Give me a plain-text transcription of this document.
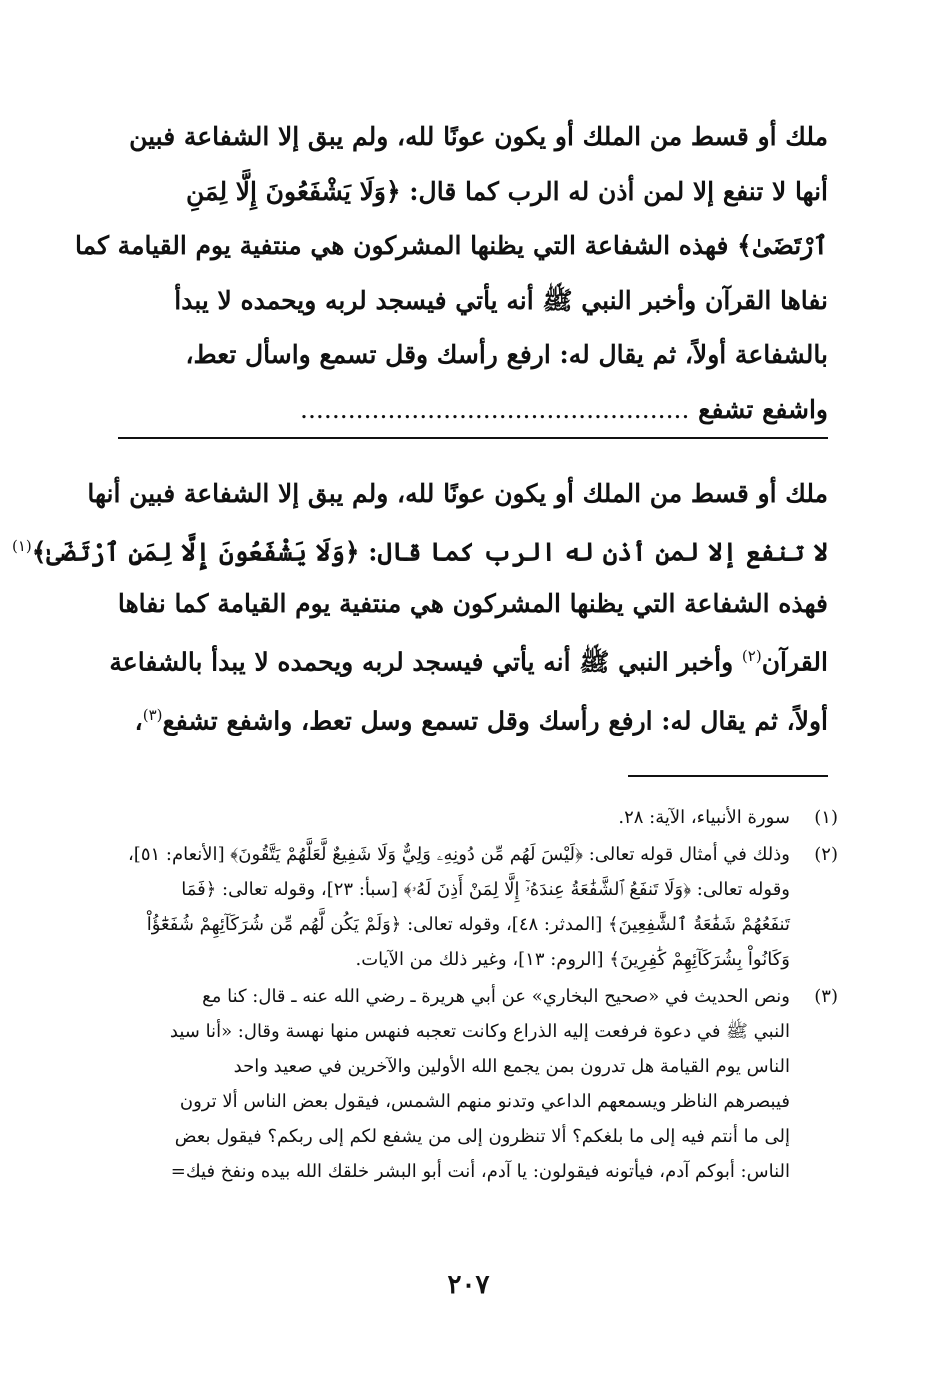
ملك أو قسط من الملك أو يكون عونًا لله، ولم يبق إلا الشفاعة فبين
أنها لا تنفع إلا لمن أذن له الرب كما قال: ﴿وَلَا يَشْفَعُونَ إِلَّا لِمَنِ
ٱرْتَضَىٰ﴾ فهذه الشفاعة التي يظنها المشركون هي منتفية يوم القيامة كما
نفاها القرآن وأخبر النبي ﷺ أنه يأتي فيسجد لربه ويحمده لا يبدأ
بالشفاعة أولاً، ثم يقال له: ارفع رأسك وقل تسمع واسأل تعط،
واشفع تشفع .................................................
ملك أو قسط من الملك أو يكون عونًا لله، ولم يبق إلا الشفاعة فبين أنها
لا تنفع إلا لمن أذن له الرب كما قال: ﴿وَلَا يَشْفَعُونَ إِلَّا لِمَنِ ٱرْتَضَىٰ﴾$^{(١)}$
فهذه الشفاعة التي يظنها المشركون هي منتفية يوم القيامة كما نفاها
القرآن$^{(٢)}$ وأخبر النبي ﷺ أنه يأتي فيسجد لربه ويحمده لا يبدأ بالشفاعة
أولاً، ثم يقال له: ارفع رأسك وقل تسمع وسل تعط، واشفع تشفع$^{(٣)}$،
(١)
سورة الأنبياء، الآية: ٢٨.
(٢)
وذلك في أمثال قوله تعالى: ﴿لَيْسَ لَهُم مِّن دُونِهِۦ وَلِيٌّ وَلَا شَفِيعٌ لَّعَلَّهُمْ يَتَّقُونَ﴾ [الأنعام: ٥١]،
وقوله تعالى: ﴿وَلَا تَنفَعُ ٱلشَّفَٰعَةُ عِندَهُۥٓ إِلَّا لِمَنْ أَذِنَ لَهُۥ﴾ [سبأ: ٢٣]، وقوله تعالى: ﴿فَمَا
تَنفَعُهُمْ شَفَٰعَةُ ٱلشَّٰفِعِينَ﴾ [المدثر: ٤٨]، وقوله تعالى: ﴿وَلَمْ يَكُن لَّهُم مِّن شُرَكَآئِهِمْ شُفَعَٰٓؤُاْ
وَكَانُواْ بِشُرَكَآئِهِمْ كَٰفِرِينَ﴾ [الروم: ١٣]، وغير ذلك من الآيات.
(٣)
ونص الحديث في «صحيح البخاري» عن أبي هريرة ـ رضي الله عنه ـ قال: كنا مع
النبي ﷺ في دعوة فرفعت إليه الذراع وكانت تعجبه فنهس منها نهسة وقال: «أنا سيد
الناس يوم القيامة هل تدرون بمن يجمع الله الأولين والآخرين في صعيد واحد
فيبصرهم الناظر ويسمعهم الداعي وتدنو منهم الشمس، فيقول بعض الناس ألا ترون
إلى ما أنتم فيه إلى ما بلغكم؟ ألا تنظرون إلى من يشفع لكم إلى ربكم؟ فيقول بعض
الناس: أبوكم آدم، فيأتونه فيقولون: يا آدم، أنت أبو البشر خلقك الله بيده ونفخ فيك=
٢٠٧
